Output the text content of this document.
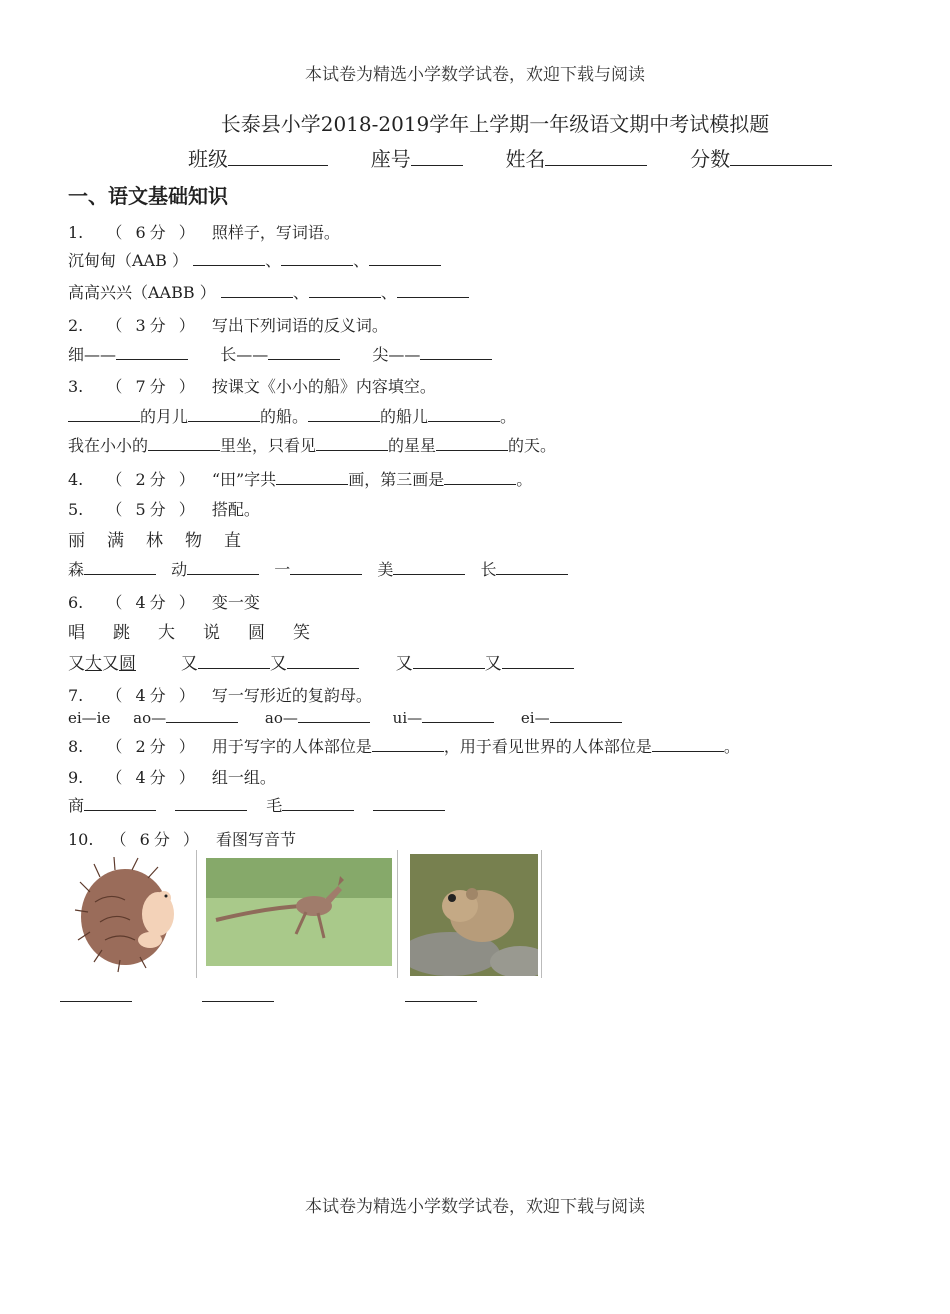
本试卷为精选小学数学试卷，欢迎下载与阅读
长泰县小学2018-2019学年上学期一年级语文期中考试模拟题
班级	座号	姓名	分数
一、语文基础知识
1. （ 6分 ） 照样子，写词语。
沉甸甸（AAB ）	、	、
高高兴兴（AABB ）	、	、
2. （ 3分 ） 写出下列词语的反义词。
细——	长——	尖——
3. （ 7分 ） 按课文《小小的船》内容填空。
的月儿	的船。	的船儿	。
我在小小的	里坐，只看见	的星星	的天。
4. （ 2分 ） “田”字共	画，第三画是	。
5. （ 5分 ） 搭配。
丽 满 林 物 直
森	动	一	美	长
6. （ 4分 ） 变一变
唱 跳 大 说 圆 笑
又大又圆	又	又	又	又
7. （ 4分 ） 写一写形近的复韵母。
ei—ie ao—	ao—	ui—	ei—
8. （ 2分 ） 用于写字的人体部位是	，用于看见世界的人体部位是	。
9. （ 4分 ） 组一组。
商	毛
10. （ 6分 ） 看图写音节
本试卷为精选小学数学试卷，欢迎下载与阅读
